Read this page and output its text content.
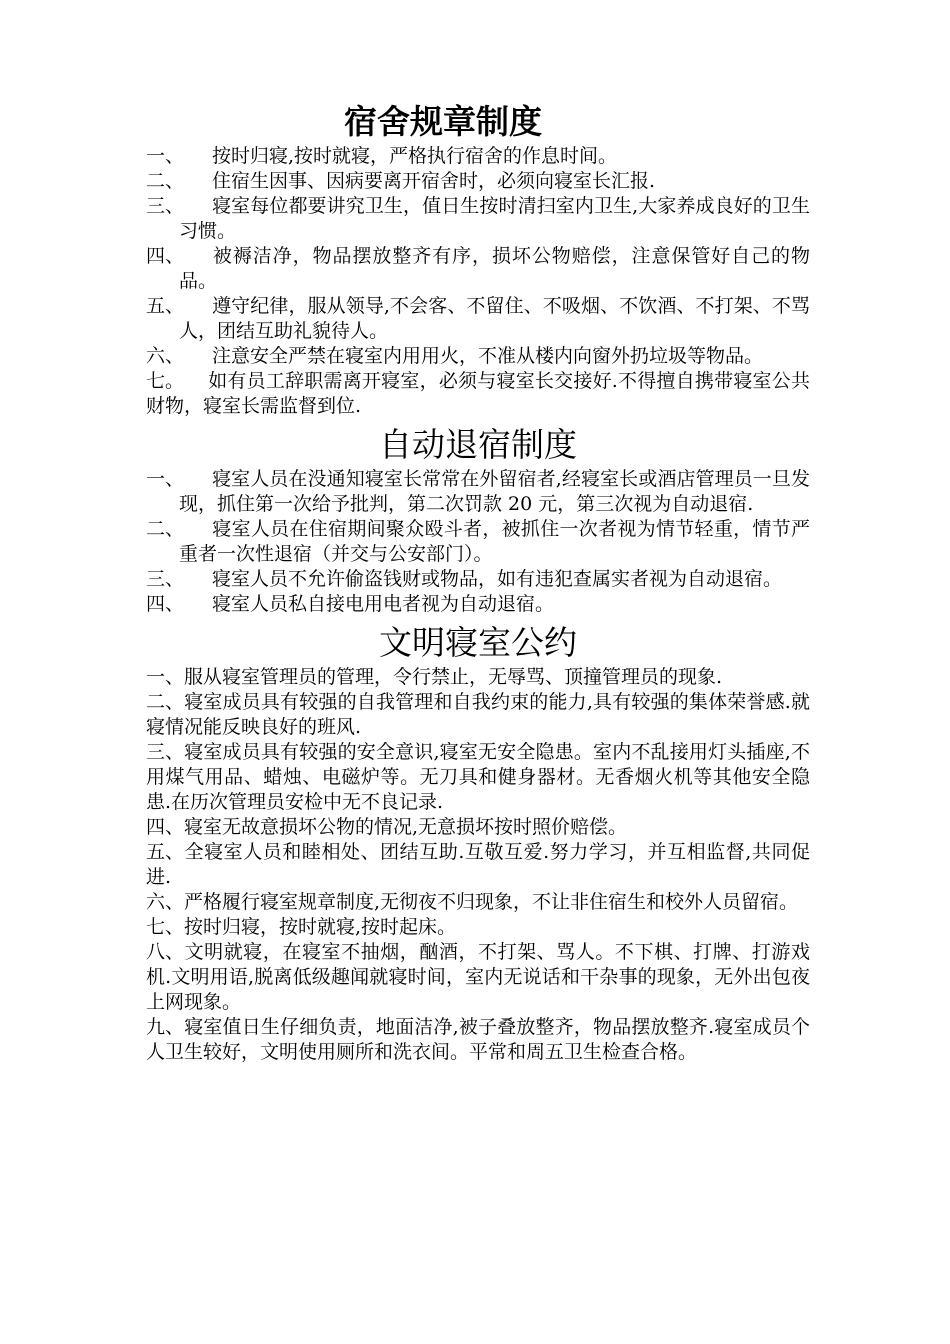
宿舍规章制度

一、 按时归寝,按时就寝，严格执行宿舍的作息时间。

二、 住宿生因事、因病要离开宿舍时，必须向寝室长汇报.

三、 寝室每位都要讲究卫生，值日生按时清扫室内卫生,大家养成良好的卫生习惯。

四、 被褥洁净，物品摆放整齐有序，损坏公物赔偿，注意保管好自己的物品。

五、 遵守纪律，服从领导,不会客、不留住、不吸烟、不饮酒、不打架、不骂人，团结互助礼貌待人。

六、 注意安全严禁在寝室内用用火，不准从楼内向窗外扔垃圾等物品。

七。 如有员工辞职需离开寝室，必须与寝室长交接好.不得擅自携带寝室公共财物，寝室长需监督到位.

自动退宿制度

一、 寝室人员在没通知寝室长常常在外留宿者,经寝室长或酒店管理员一旦发现，抓住第一次给予批判，第二次罚款 20 元，第三次视为自动退宿.

二、 寝室人员在住宿期间聚众殴斗者，被抓住一次者视为情节轻重，情节严重者一次性退宿（并交与公安部门）。

三、 寝室人员不允许偷盗钱财或物品，如有违犯查属实者视为自动退宿。

四、 寝室人员私自接电用电者视为自动退宿。

文明寝室公约

一、服从寝室管理员的管理，令行禁止，无辱骂、顶撞管理员的现象.

二、寝室成员具有较强的自我管理和自我约束的能力,具有较强的集体荣誉感.就寝情况能反映良好的班风.

三、寝室成员具有较强的安全意识,寝室无安全隐患。室内不乱接用灯头插座,不用煤气用品、蜡烛、电磁炉等。无刀具和健身器材。无香烟火机等其他安全隐患.在历次管理员安检中无不良记录.

四、寝室无故意损坏公物的情况,无意损坏按时照价赔偿。

五、全寝室人员和睦相处、团结互助.互敬互爱.努力学习，并互相监督,共同促进.

六、严格履行寝室规章制度,无彻夜不归现象，不让非住宿生和校外人员留宿。

七、按时归寝，按时就寝,按时起床。

八、文明就寝，在寝室不抽烟，酗酒，不打架、骂人。不下棋、打牌、打游戏机.文明用语,脱离低级趣闻就寝时间，室内无说话和干杂事的现象，无外出包夜上网现象。

九、寝室值日生仔细负责，地面洁净,被子叠放整齐，物品摆放整齐.寝室成员个人卫生较好，文明使用厕所和洗衣间。平常和周五卫生检查合格。
